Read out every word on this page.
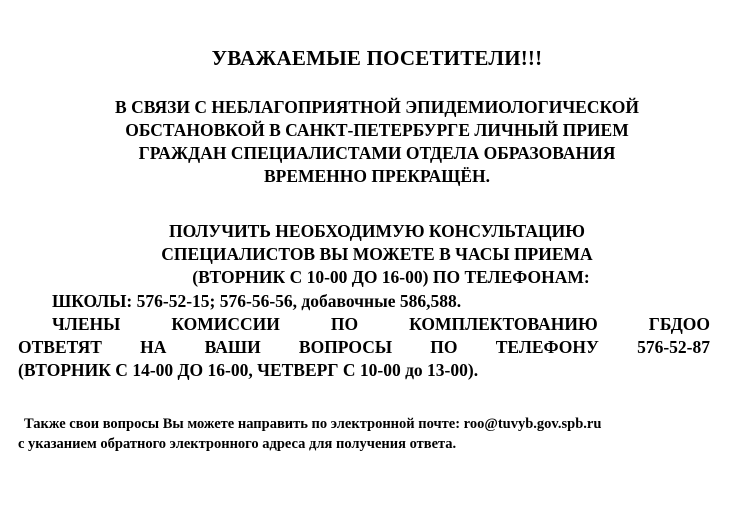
УВАЖАЕМЫЕ ПОСЕТИТЕЛИ!!!
В СВЯЗИ С НЕБЛАГОПРИЯТНОЙ ЭПИДЕМИОЛОГИЧЕСКОЙ
ОБСТАНОВКОЙ В САНКТ-ПЕТЕРБУРГЕ ЛИЧНЫЙ ПРИЕМ
ГРАЖДАН СПЕЦИАЛИСТАМИ ОТДЕЛА ОБРАЗОВАНИЯ
ВРЕМЕННО ПРЕКРАЩЁН.
ПОЛУЧИТЬ НЕОБХОДИМУЮ КОНСУЛЬТАЦИЮ
СПЕЦИАЛИСТОВ ВЫ МОЖЕТЕ В ЧАСЫ ПРИЕМА
(ВТОРНИК С 10-00 ДО 16-00) ПО ТЕЛЕФОНАМ:
ШКОЛЫ: 576-52-15; 576-56-56, добавочные 586,588.
ЧЛЕНЫ	КОМИССИИ	ПО	КОМПЛЕКТОВАНИЮ	ГБДОО
ОТВЕТЯТ НА ВАШИ ВОПРОСЫ ПО ТЕЛЕФОНУ 576-52-87
(ВТОРНИК С 14-00 ДО 16-00, ЧЕТВЕРГ С 10-00 до 13-00).
Также свои вопросы Вы можете направить по электронной почте: roo@tuvyb.gov.spb.ru
с указанием обратного электронного адреса для получения ответа.
